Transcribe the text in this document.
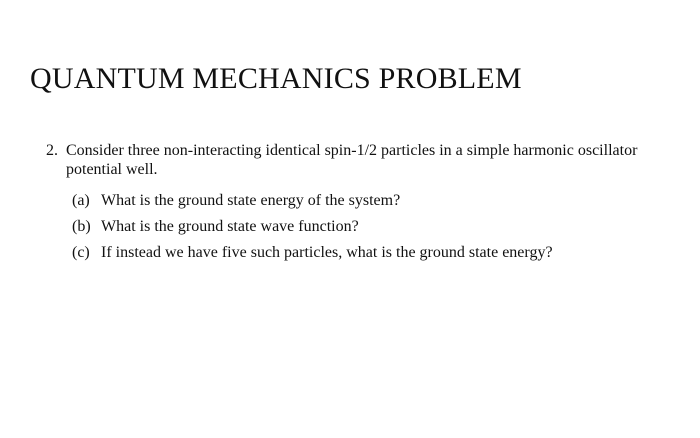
QUANTUM MECHANICS PROBLEM
2. Consider three non-interacting identical spin-1/2 particles in a simple harmonic oscillator potential well.
(a) What is the ground state energy of the system?
(b) What is the ground state wave function?
(c) If instead we have five such particles, what is the ground state energy?
